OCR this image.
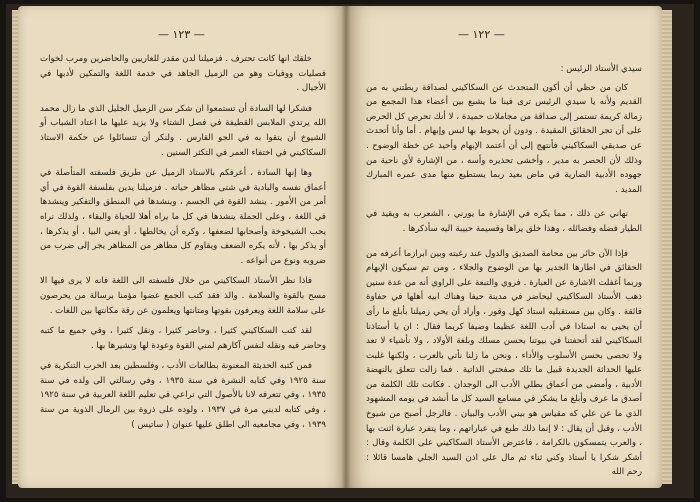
— ١٢٣ —

خلقك انها كانت تحترف . فزميلنا لدن مقدر للغاريين والحاضرين ومرب لخوات فصليات ووفيات وهو من الزميل الجاهد في خدمة اللغة والتمكين لأدبها في الأجيال .

فشكرا لها السادة أن تستمعوا ان شكر سن الزميل الجليل الذي ما زال محمد الله يرتدي الملابس القطيفة في فصل الشتاء ولا يزيد عليها ما اعتاد الشباب أو الشيوخ أن يتقوا به في الجو القارس . ولنكر أن تتسائلوا عن حكمة الاستاذ السكاكيني في اختفاء العمر في التكثر السنين .

وها إنها السادة ، أعرفكم بالاستاذ الزميل عن طريق فلسفته المتأصلة في أعماق نفسه والبادية في شتى مظاهر حياته . فزميلنا يدين بفلسفة القوة في أي أمر من الأمور . ينشد القوة في الجسم ، وينشدها في المنطق والتفكير وينشدها في اللغة ، وعلى الجملة ينشدها في كل ما يراه أهلا للحياة والبقاء ، ولذلك نراه يحب الشيخوخة وأصحابها لضعفها ، وكره أن يخالطها ، أو يعني البيا ، أو يذكرها ، أو يذكر بها ، لأنه يكره الضعف ويقاوم كل مظاهر من المظاهر يجر إلى ضرب من ضروبه ونوع من أنواعه .

فاذا نظر الأستاذ السكاكيني من خلال فلسفته الى اللغة فانه لا يرى فيها الا مسح بالقوة والسلامة . والذ فقد كتب الجمع عضوا مؤمنا برسالة من يحرصون على سلامة اللغة ويعرفون بقوتها ومتانتها ويعلمون عن رقة مكانتها بين اللغات .

لقد كتب السكاكيني كثيرا ، وحاضر كثيرا ، ونقل كثيرا ، وفي جميع ما كتبه وحاضر فيه ونقله لنفس آكارهم لمني القوة وعودة لها وتشيرها بها .

فمن كتبه الحديثة المعنونة بطالعات الأدب ، وفلسطين بعد الحرب التنكرية في سنة ١٩٢٥ وفي كتابه النشرة في سنة ١٩٣٥ ، وفي رسالتي الى ولده في سنة ١٩٣٥ ، وفي تتعرفه لانا بالأصول التي تراعي في تعليم اللغة العربية في سنة ١٩٢٥ ، وفي كتابه لديني مرة في ١٩٣٧ ، ولوده على ذروة بين الرمال الذوية من سنة ١٩٣٩ ، وفي مجامعيه الى اطلق عليها عنوان ( ساتيس )

— ١٢٢ —

سيدي الأستاذ الرئيس :

كان من حظي أن أكون المتحدث عن السكاكيني لصداقة ربطتني به من القديم ولأنه يا سيدي الرئيس ترى فينا ما يشبع بين أعضاء هذا المجمع من زمالة كريمة تستمر إلى صداقة من مجاملات حميدة ، لا أنك تحرص كل الحرص على أن تجر الحقائق المقيدة . ودون أن يحوط بها لبس وإبهام . أما وأنا أتحدث عن صديقي السكاكيني فأنتهج إلى أن أعتمد الإبهام وأحيد عن خطة الوضوح . وذلك لأن الحصر به مدير ، وأخشى تحذيره وأسه ، من الإشارة لأي ناحية من جهوده الأدبية الضارية في ماض بعيد ربما يستطيع منها مدى عمره المبارك المديد .

نهاني عن ذلك ، مما يكره في الإشارة ما يورني ، الشعرب به ويقيد في الطيار فضله وفضائله ، وهذا خلق يراها وقسيمة حبيبة اليه سأذكرها .

فإذا الآن حائر بين محامة الصديق والدول عند رغبته وبين ابرازما أعرفه من الحقائق في اطارها الجدير بها من الوضوح والجلاء ، ومن تم سيكون الإبهام وربما أغفلت الاشارة عن العبارة . فروي والتبعة على الراوي أنه من عدة سنين ذهب الأستاذ السكاكيني ليحاضر في مدينة حيفا وهناك ابيه أهلها في حفاوة فائقة . وكان بين مستقبليه استاذ كهل وقور ، وأراد أن يحي زميلنا بأبلغ ما رأى أن يحيى به استاذا في أدب اللغة عظيما وضيفا كريما فقال : ان يا أستاذنا السكاكيني لقد أتحفتنا في بيوتنا بحسن مسلك وبلغة الأولاد ، ولا نأشياء لا تعد ولا تحصى بحسن الأسلوب والأداء ، ونحن ما زلنا نأتي بالعرب ، ولكنها غلبت عليها الحداثة الجديدة قبيل ما تلك صفحتي الذاتية . فما زالت تتعلق بالنهضة الأدبية ، وأمضى من أعماق بطلي الأدب الى الوجدان . فكانت تلك الكلمة من أصدق ما عرف وأبلغ ما يشكر في مسامع السيد كل ما أنشد في يومه المشهود الذي ما عن علي كه مقياس هو بيني الأدب والبيان . فالرجل أصبح من شيوخ الأدب ، وقبل أن يقال : لا إنما ذلك طبع في عباراتهم ، وما يتفرد عبارة اثنت بها ، والعرب يتمسكون بالكرامة ، فاعترض الأستاذ السكاكيني على الكلمة وقال : أشكر شكرا يا أستاذ وكني ثناء ثم مال على اذن السيد الجلي هامسا قائلا : رحم الله
